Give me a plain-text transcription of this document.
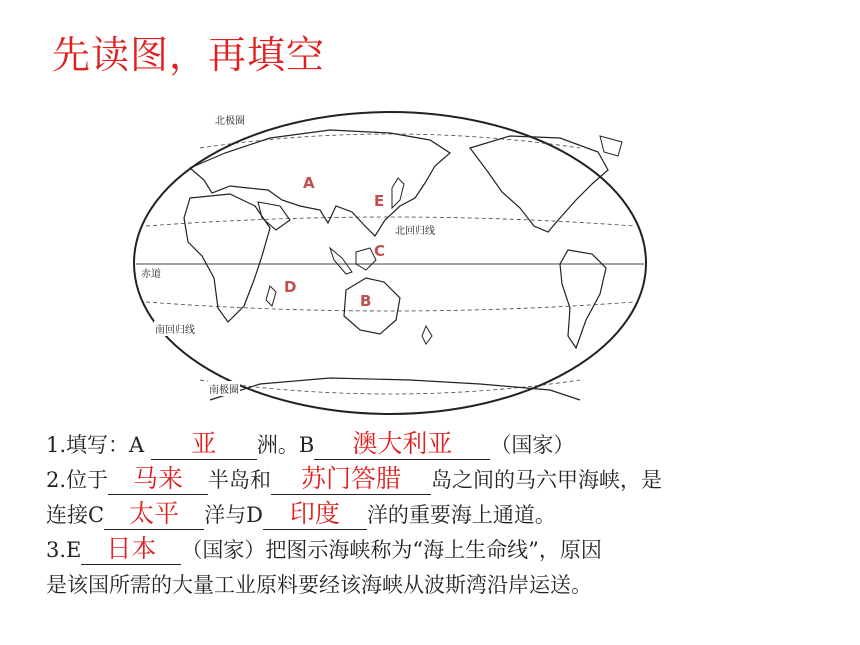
先读图，再填空
北极圈
北回归线
赤道
南回归线
南极圈
A
E
C
D
B
1.填写：A 亚 洲。B 澳大利亚 （国家）
2.位于 马来 半岛和 苏门答腊 岛之间的马六甲海峡，是
连接C 太平 洋与D 印度 洋的重要海上通道。
3.E 日本 （国家）把图示海峡称为“海上生命线”，原因
是该国所需的大量工业原料要经该海峡从波斯湾沿岸运送。
